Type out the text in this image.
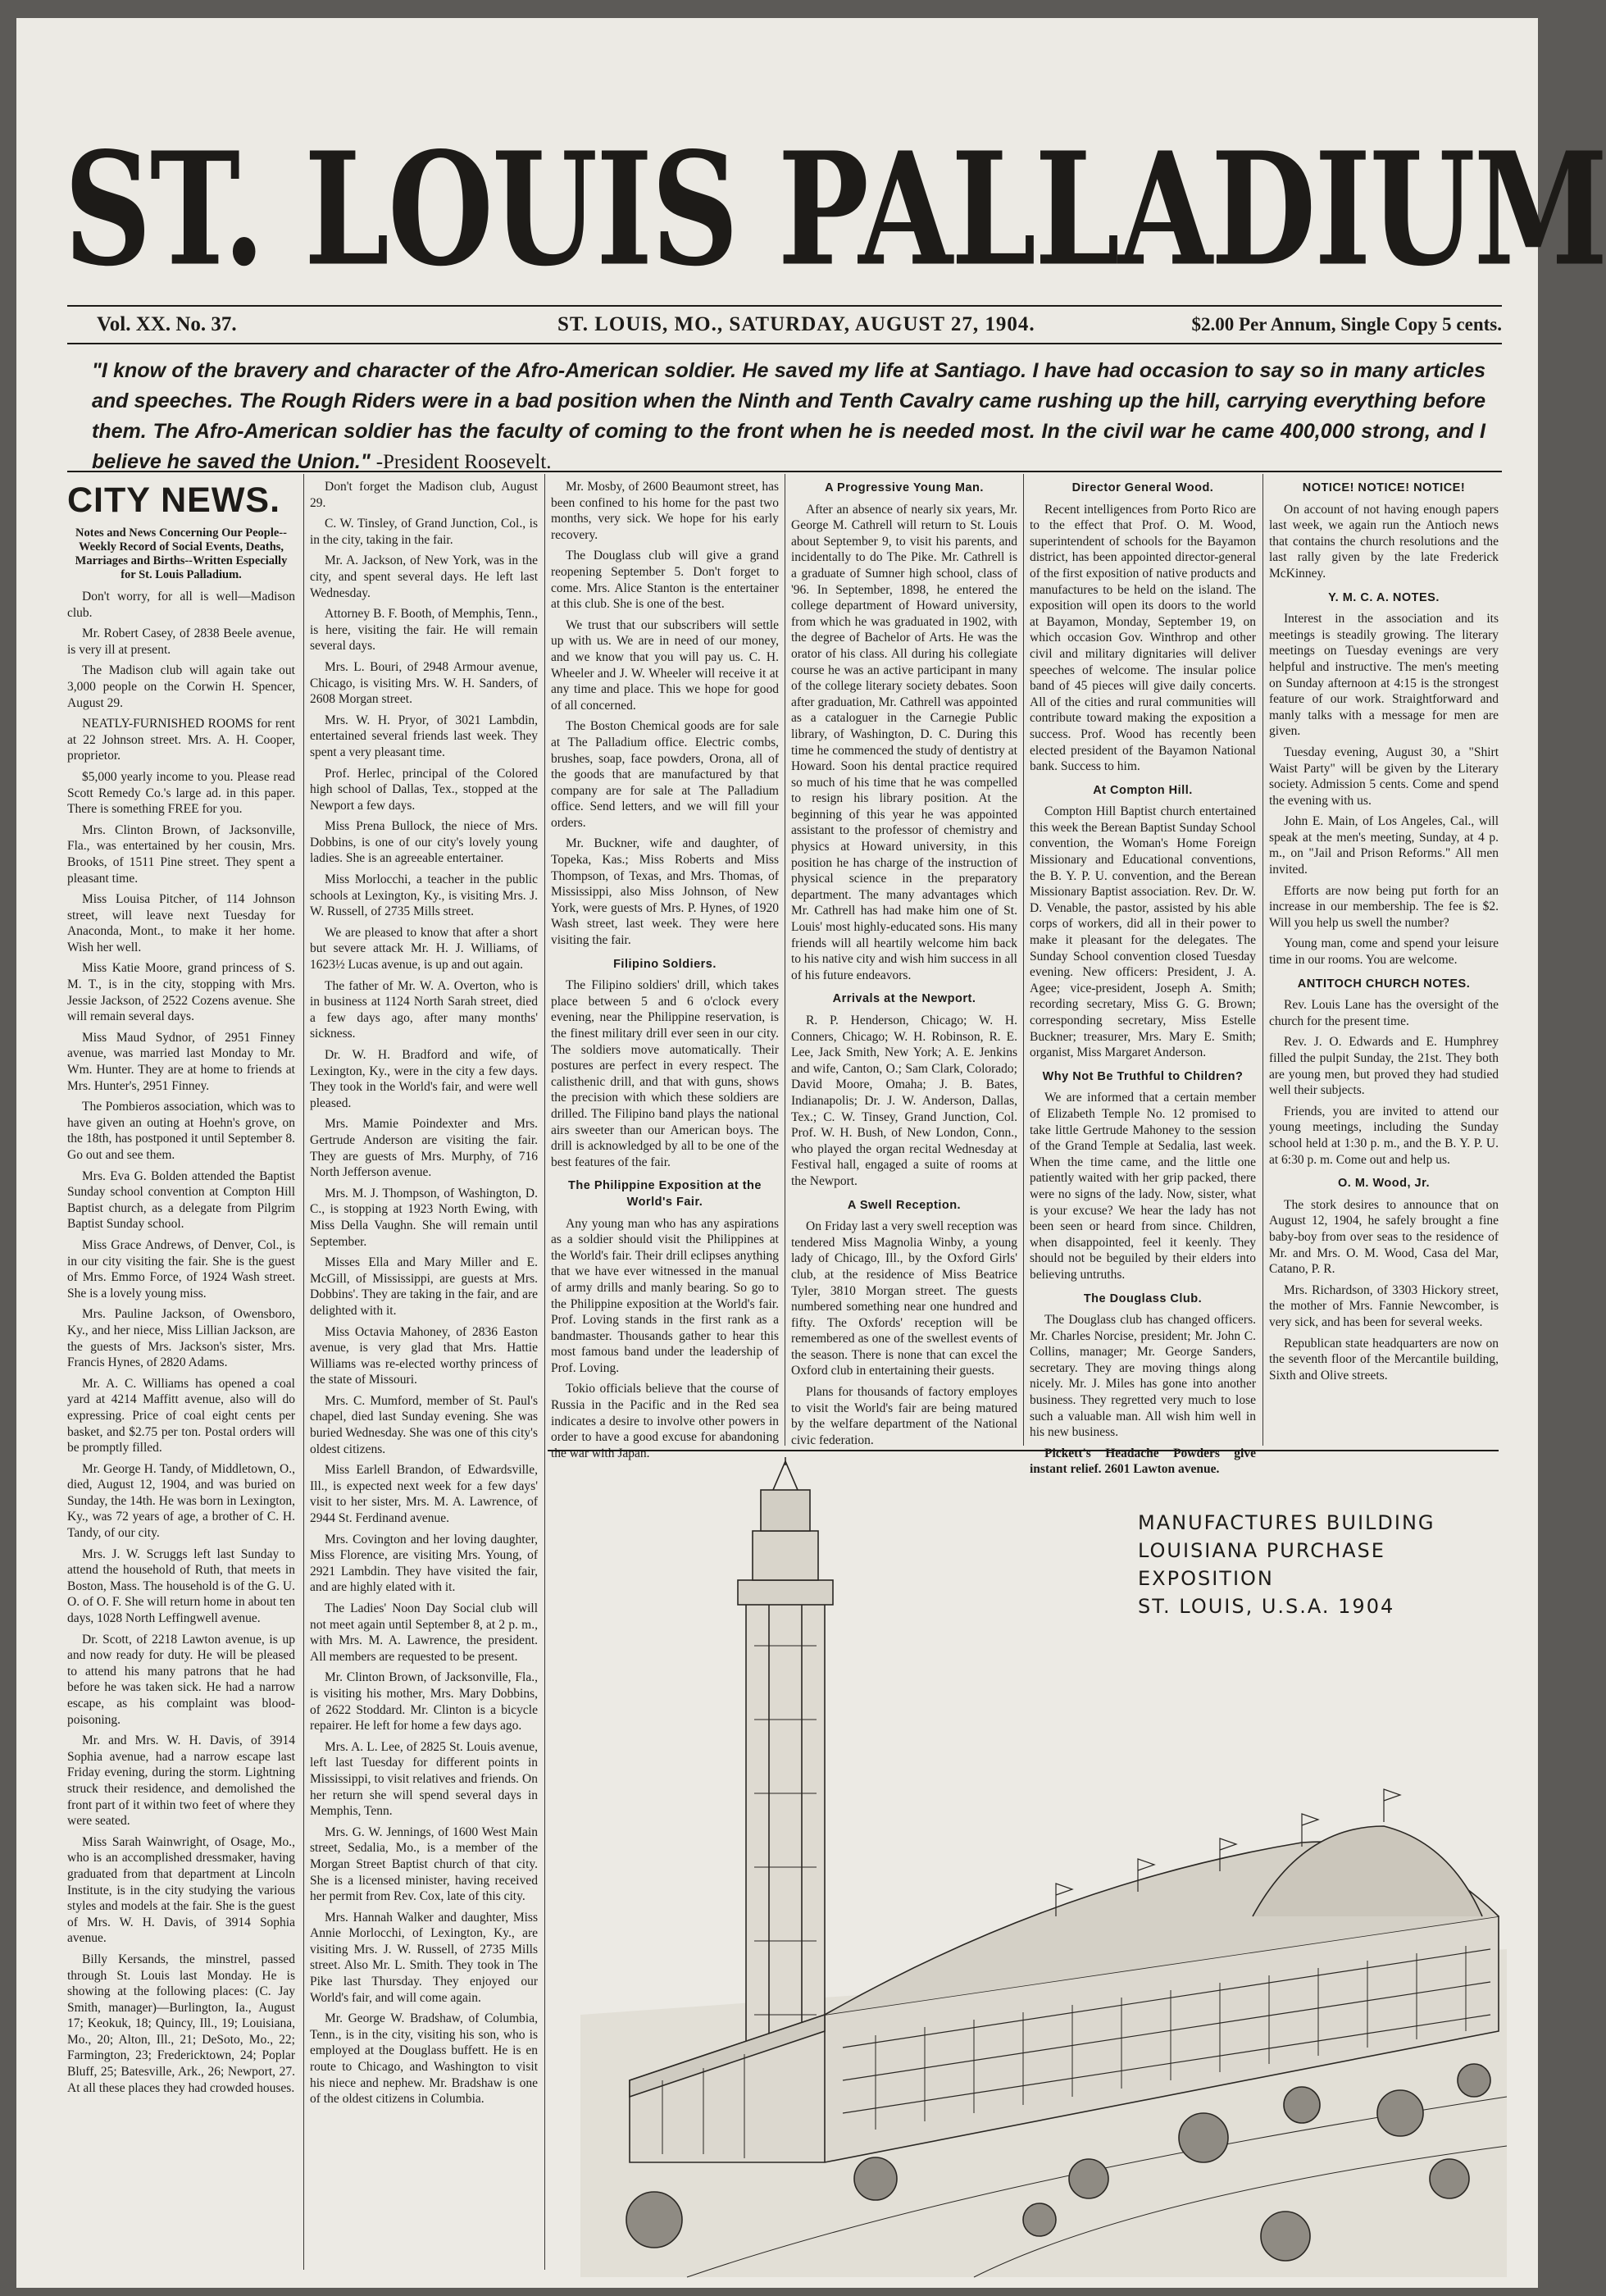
ST. LOUIS PALLADIUM
Vol. XX. No. 37.	ST. LOUIS, MO., SATURDAY, AUGUST 27, 1904.	$2.00 Per Annum, Single Copy 5 cents.
"I know of the bravery and character of the Afro-American soldier. He saved my life at Santiago. I have had occasion to say so in many articles and speeches. The Rough Riders were in a bad position when the Ninth and Tenth Cavalry came rushing up the hill, carrying everything before them. The Afro-American soldier has the faculty of coming to the front when he is needed most. In the civil war he came 400,000 strong, and I believe he saved the Union." -President Roosevelt.
CITY NEWS.
Notes and News Concerning Our People--Weekly Record of Social Events, Deaths, Marriages and Births--Written Especially for St. Louis Palladium.

Don't worry, for all is well—Madison club.

Mr. Robert Casey, of 2838 Beele avenue, is very ill at present.

The Madison club will again take out 3,000 people on the Corwin H. Spencer, August 29.

NEATLY-FURNISHED ROOMS for rent at 22 Johnson street. Mrs. A. H. Cooper, proprietor.

$5,000 yearly income to you. Please read Scott Remedy Co.'s large ad. in this paper. There is something FREE for you.

Mrs. Clinton Brown, of Jacksonville, Fla., was entertained by her cousin, Mrs. Brooks, of 1511 Pine street. They spent a pleasant time.

Miss Louisa Pitcher, of 114 Johnson street, will leave next Tuesday for Anaconda, Mont., to make it her home. Wish her well.

Miss Katie Moore, grand princess of S. M. T., is in the city, stopping with Mrs. Jessie Jackson, of 2522 Cozens avenue. She will remain several days.

Miss Maud Sydnor, of 2951 Finney avenue, was married last Monday to Mr. Wm. Hunter. They are at home to friends at Mrs. Hunter's, 2951 Finney.

The Pombieros association, which was to have given an outing at Hoehn's grove, on the 18th, has postponed it until September 8. Go out and see them.

Mrs. Eva G. Bolden attended the Baptist Sunday school convention at Compton Hill Baptist church, as a delegate from Pilgrim Baptist Sunday school.

Miss Grace Andrews, of Denver, Col., is in our city visiting the fair. She is the guest of Mrs. Emmo Force, of 1924 Wash street. She is a lovely young miss.

Mrs. Pauline Jackson, of Owensboro, Ky., and her niece, Miss Lillian Jackson, are the guests of Mrs. Jackson's sister, Mrs. Francis Hynes, of 2820 Adams.

Mr. A. C. Williams has opened a coal yard at 4214 Maffitt avenue, also will do expressing. Price of coal eight cents per basket, and $2.75 per ton. Postal orders will be promptly filled.

Mr. George H. Tandy, of Middletown, O., died, August 12, 1904, and was buried on Sunday, the 14th. He was born in Lexington, Ky., was 72 years of age, a brother of C. H. Tandy, of our city.

Mrs. J. W. Scruggs left last Sunday to attend the household of Ruth, that meets in Boston, Mass. The household is of the G. U. O. of O. F. She will return home in about ten days, 1028 North Leffingwell avenue.

Dr. Scott, of 2218 Lawton avenue, is up and now ready for duty. He will be pleased to attend his many patrons that he had before he was taken sick. He had a narrow escape, as his complaint was blood-poisoning.

Mr. and Mrs. W. H. Davis, of 3914 Sophia avenue, had a narrow escape last Friday evening, during the storm. Lightning struck their residence, and demolished the front part of it within two feet of where they were seated.

Miss Sarah Wainwright, of Osage, Mo., who is an accomplished dressmaker, having graduated from that department at Lincoln Institute, is in the city studying the various styles and models at the fair. She is the guest of Mrs. W. H. Davis, of 3914 Sophia avenue.

Billy Kersands, the minstrel, passed through St. Louis last Monday. He is showing at the following places: (C. Jay Smith, manager)—Burlington, Ia., August 17; Keokuk, 18; Quincy, Ill., 19; Louisiana, Mo., 20; Alton, Ill., 21; DeSoto, Mo., 22; Farmington, 23; Fredericktown, 24; Poplar Bluff, 25; Batesville, Ark., 26; Newport, 27. At all these places they had crowded houses.

Don't forget the Madison club, August 29.

C. W. Tinsley, of Grand Junction, Col., is in the city, taking in the fair.

Mr. A. Jackson, of New York, was in the city, and spent several days. He left last Wednesday.

Attorney B. F. Booth, of Memphis, Tenn., is here, visiting the fair. He will remain several days.

Mrs. L. Bouri, of 2948 Armour avenue, Chicago, is visiting Mrs. W. H. Sanders, of 2608 Morgan street.

Mrs. W. H. Pryor, of 3021 Lambdin, entertained several friends last week. They spent a very pleasant time.

Prof. Herlec, principal of the Colored high school of Dallas, Tex., stopped at the Newport a few days.

Miss Prena Bullock, the niece of Mrs. Dobbins, is one of our city's lovely young ladies. She is an agreeable entertainer.

Miss Morlocchi, a teacher in the public schools at Lexington, Ky., is visiting Mrs. J. W. Russell, of 2735 Mills street.

We are pleased to know that after a short but severe attack Mr. H. J. Williams, of 1623½ Lucas avenue, is up and out again.

The father of Mr. W. A. Overton, who is in business at 1124 North Sarah street, died a few days ago, after many months' sickness.

Dr. W. H. Bradford and wife, of Lexington, Ky., were in the city a few days. They took in the World's fair, and were well pleased.

Mrs. Mamie Poindexter and Mrs. Gertrude Anderson are visiting the fair. They are guests of Mrs. Murphy, of 716 North Jefferson avenue.

Mrs. M. J. Thompson, of Washington, D. C., is stopping at 1923 North Ewing, with Miss Della Vaughn. She will remain until September.

Misses Ella and Mary Miller and E. McGill, of Mississippi, are guests at Mrs. Dobbins'. They are taking in the fair, and are delighted with it.

Miss Octavia Mahoney, of 2836 Easton avenue, is very glad that Mrs. Hattie Williams was re-elected worthy princess of the state of Missouri.

Mrs. C. Mumford, member of St. Paul's chapel, died last Sunday evening. She was buried Wednesday. She was one of this city's oldest citizens.

Miss Earlell Brandon, of Edwardsville, Ill., is expected next week for a few days' visit to her sister, Mrs. M. A. Lawrence, of 2944 St. Ferdinand avenue.

Mrs. Covington and her loving daughter, Miss Florence, are visiting Mrs. Young, of 2921 Lambdin. They have visited the fair, and are highly elated with it.

The Ladies' Noon Day Social club will not meet again until September 8, at 2 p. m., with Mrs. M. A. Lawrence, the president. All members are requested to be present.

Mr. Clinton Brown, of Jacksonville, Fla., is visiting his mother, Mrs. Mary Dobbins, of 2622 Stoddard. Mr. Clinton is a bicycle repairer. He left for home a few days ago.

Mrs. A. L. Lee, of 2825 St. Louis avenue, left last Tuesday for different points in Mississippi, to visit relatives and friends. On her return she will spend several days in Memphis, Tenn.

Mrs. G. W. Jennings, of 1600 West Main street, Sedalia, Mo., is a member of the Morgan Street Baptist church of that city. She is a licensed minister, having received her permit from Rev. Cox, late of this city.

Mrs. Hannah Walker and daughter, Miss Annie Morlocchi, of Lexington, Ky., are visiting Mrs. J. W. Russell, of 2735 Mills street. Also Mr. L. Smith. They took in The Pike last Thursday. They enjoyed our World's fair, and will come again.

Mr. George W. Bradshaw, of Columbia, Tenn., is in the city, visiting his son, who is employed at the Douglass buffett. He is en route to Chicago, and Washington to visit his niece and nephew. Mr. Bradshaw is one of the oldest citizens in Columbia.

Mr. Mosby, of 2600 Beaumont street, has been confined to his home for the past two months, very sick. We hope for his early recovery.

The Douglass club will give a grand reopening September 5. Don't forget to come. Mrs. Alice Stanton is the entertainer at this club. She is one of the best.

We trust that our subscribers will settle up with us. We are in need of our money, and we know that you will pay us. C. H. Wheeler and J. W. Wheeler will receive it at any time and place. This we hope for good of all concerned.

The Boston Chemical goods are for sale at The Palladium office. Electric combs, brushes, soap, face powders, Orona, all of the goods that are manufactured by that company are for sale at The Palladium office. Send letters, and we will fill your orders.

Mr. Buckner, wife and daughter, of Topeka, Kas.; Miss Roberts and Miss Thompson, of Texas, and Mrs. Thomas, of Mississippi, also Miss Johnson, of New York, were guests of Mrs. P. Hynes, of 1920 Wash street, last week. They were here visiting the fair.

Filipino Soldiers.

The Filipino soldiers' drill, which takes place between 5 and 6 o'clock every evening, near the Philippine reservation, is the finest military drill ever seen in our city. The soldiers move automatically. Their postures are perfect in every respect. The calisthenic drill, and that with guns, shows the precision with which these soldiers are drilled. The Filipino band plays the national airs sweeter than our American boys. The drill is acknowledged by all to be one of the best features of the fair.

The Philippine Exposition at the World's Fair.

Any young man who has any aspirations as a soldier should visit the Philippines at the World's fair. Their drill eclipses anything that we have ever witnessed in the manual of army drills and manly bearing. So go to the Philippine exposition at the World's fair. Prof. Loving stands in the first rank as a bandmaster. Thousands gather to hear this most famous band under the leadership of Prof. Loving.

Tokio officials believe that the course of Russia in the Pacific and in the Red sea indicates a desire to involve other powers in order to have a good excuse for abandoning the war with Japan.

A Progressive Young Man.

After an absence of nearly six years, Mr. George M. Cathrell will return to St. Louis about September 9, to visit his parents, and incidentally to do The Pike. Mr. Cathrell is a graduate of Sumner high school, class of '96. In September, 1898, he entered the college department of Howard university, from which he was graduated in 1902, with the degree of Bachelor of Arts. He was the orator of his class. All during his collegiate course he was an active participant in many of the college literary society debates. Soon after graduation, Mr. Cathrell was appointed as a cataloguer in the Carnegie Public library, of Washington, D. C. During this time he commenced the study of dentistry at Howard. Soon his dental practice required so much of his time that he was compelled to resign his library position. At the beginning of this year he was appointed assistant to the professor of chemistry and physics at Howard university, in this position he has charge of the instruction of physical science in the preparatory department. The many advantages which Mr. Cathrell has had make him one of St. Louis' most highly-educated sons. His many friends will all heartily welcome him back to his native city and wish him success in all of his future endeavors.

Arrivals at the Newport.

R. P. Henderson, Chicago; W. H. Conners, Chicago; W. H. Robinson, R. E. Lee, Jack Smith, New York; A. E. Jenkins and wife, Canton, O.; Sam Clark, Colorado; David Moore, Omaha; J. B. Bates, Indianapolis; Dr. J. W. Anderson, Dallas, Tex.; C. W. Tinsey, Grand Junction, Col. Prof. W. H. Bush, of New London, Conn., who played the organ recital Wednesday at Festival hall, engaged a suite of rooms at the Newport.

A Swell Reception.

On Friday last a very swell reception was tendered Miss Magnolia Winby, a young lady of Chicago, Ill., by the Oxford Girls' club, at the residence of Miss Beatrice Tyler, 3810 Morgan street. The guests numbered something near one hundred and fifty. The Oxfords' reception will be remembered as one of the swellest events of the season. There is none that can excel the Oxford club in entertaining their guests.

Plans for thousands of factory employes to visit the World's fair are being matured by the welfare department of the National civic federation.

Director General Wood.

Recent intelligences from Porto Rico are to the effect that Prof. O. M. Wood, superintendent of schools for the Bayamon district, has been appointed director-general of the first exposition of native products and manufactures to be held on the island. The exposition will open its doors to the world at Bayamon, Monday, September 19, on which occasion Gov. Winthrop and other civil and military dignitaries will deliver speeches of welcome. The insular police band of 45 pieces will give daily concerts. All of the cities and rural communities will contribute toward making the exposition a success. Prof. Wood has recently been elected president of the Bayamon National bank. Success to him.

At Compton Hill.

Compton Hill Baptist church entertained this week the Berean Baptist Sunday School convention, the Woman's Home Foreign Missionary and Educational conventions, the B. Y. P. U. convention, and the Berean Missionary Baptist association. Rev. Dr. W. D. Venable, the pastor, assisted by his able corps of workers, did all in their power to make it pleasant for the delegates. The Sunday School convention closed Tuesday evening. New officers: President, J. A. Agee; vice-president, Joseph A. Smith; recording secretary, Miss G. G. Brown; corresponding secretary, Miss Estelle Buckner; treasurer, Mrs. Mary E. Smith; organist, Miss Margaret Anderson.

Why Not Be Truthful to Children?

We are informed that a certain member of Elizabeth Temple No. 12 promised to take little Gertrude Mahoney to the session of the Grand Temple at Sedalia, last week. When the time came, and the little one patiently waited with her grip packed, there were no signs of the lady. Now, sister, what is your excuse? We hear the lady has not been seen or heard from since. Children, when disappointed, feel it keenly. They should not be beguiled by their elders into believing untruths.

The Douglass Club.

The Douglass club has changed officers. Mr. Charles Norcise, president; Mr. John C. Collins, manager; Mr. George Sanders, secretary. They are moving things along nicely. Mr. J. Miles has gone into another business. They regretted very much to lose such a valuable man. All wish him well in his new business.

Pickett's Headache Powders give instant relief. 2601 Lawton avenue.

NOTICE! NOTICE! NOTICE!

On account of not having enough papers last week, we again run the Antioch news that contains the church resolutions and the last rally given by the late Frederick McKinney.

Y. M. C. A. NOTES.

Interest in the association and its meetings is steadily growing. The literary meetings on Tuesday evenings are very helpful and instructive. The men's meeting on Sunday afternoon at 4:15 is the strongest feature of our work. Straightforward and manly talks with a message for men are given.

Tuesday evening, August 30, a "Shirt Waist Party" will be given by the Literary society. Admission 5 cents. Come and spend the evening with us.

John E. Main, of Los Angeles, Cal., will speak at the men's meeting, Sunday, at 4 p. m., on "Jail and Prison Reforms." All men invited.

Efforts are now being put forth for an increase in our membership. The fee is $2. Will you help us swell the number?

Young man, come and spend your leisure time in our rooms. You are welcome.

ANTITOCH CHURCH NOTES.

Rev. Louis Lane has the oversight of the church for the present time.

Rev. J. O. Edwards and E. Humphrey filled the pulpit Sunday, the 21st. They both are young men, but proved they had studied well their subjects.

Friends, you are invited to attend our young meetings, including the Sunday school held at 1:30 p. m., and the B. Y. P. U. at 6:30 p. m. Come out and help us.

O. M. Wood, Jr.

The stork desires to announce that on August 12, 1904, he safely brought a fine baby-boy from over seas to the residence of Mr. and Mrs. O. M. Wood, Casa del Mar, Catano, P. R.

Mrs. Richardson, of 3303 Hickory street, the mother of Mrs. Fannie Newcomber, is very sick, and has been for several weeks.

Republican state headquarters are now on the seventh floor of the Mercantile building, Sixth and Olive streets.

MANUFACTURES BUILDING
LOUISIANA PURCHASE EXPOSITION
ST. LOUIS, U.S.A. 1904
